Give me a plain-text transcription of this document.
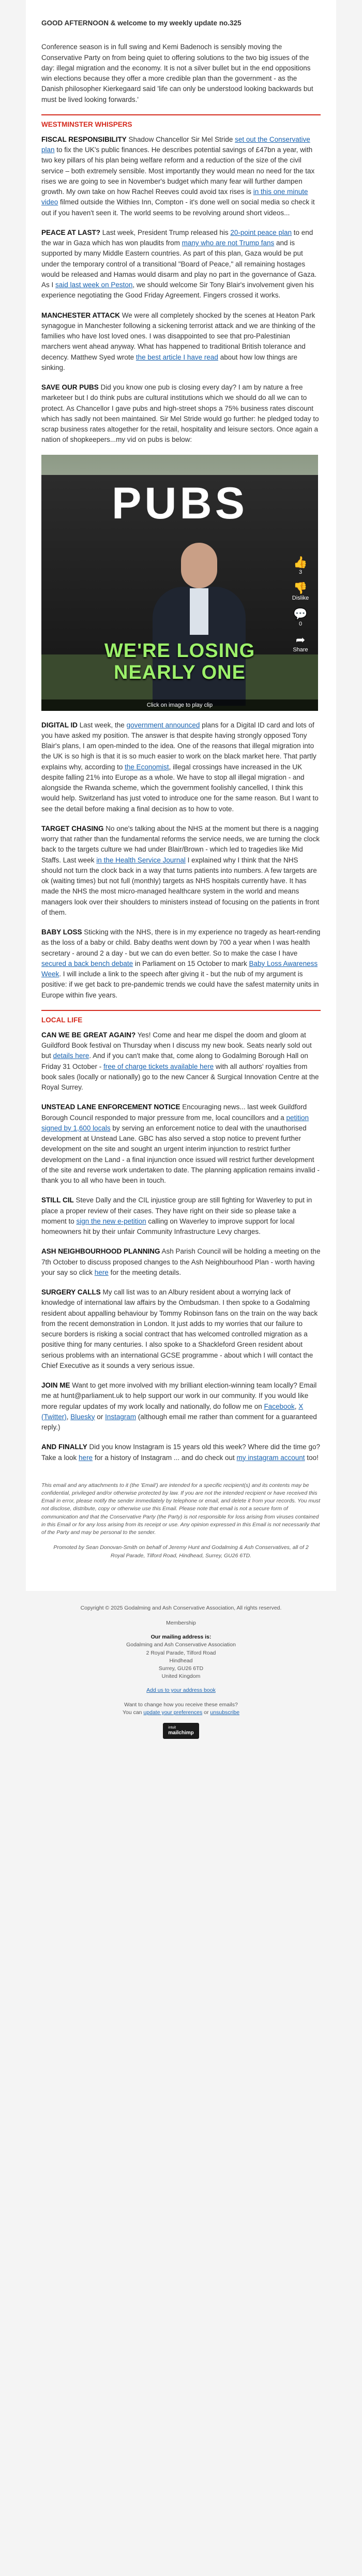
GOOD AFTERNOON & welcome to my weekly update no.325

Conference season is in full swing and Kemi Badenoch is sensibly moving the Conservative Party on from being quiet to offering solutions to the two big issues of the day: illegal migration and the economy. It is not a silver bullet but in the end oppositions win elections because they offer a more credible plan than the government - as the Danish philosopher Kierkegaard said 'life can only be understood looking backwards but must be lived looking forwards.'

WESTMINSTER WHISPERS

FISCAL RESPONSIBILITY Shadow Chancellor Sir Mel Stride set out the Conservative plan to fix the UK's public finances. He describes potential savings of £47bn a year, with two key pillars of his plan being welfare reform and a reduction of the size of the civil service – both extremely sensible. Most importantly they would mean no need for the tax rises we are going to see in November's budget which many fear will further dampen growth. My own take on how Rachel Reeves could avoid tax rises is in this one minute video filmed outside the Withies Inn, Compton - it's done well on social media so check it out if you haven't seen it. The world seems to be revolving around short videos...

PEACE AT LAST? Last week, President Trump released his 20-point peace plan to end the war in Gaza which has won plaudits from many who are not Trump fans and is supported by many Middle Eastern countries. As part of this plan, Gaza would be put under the temporary control of a transitional "Board of Peace," all remaining hostages would be released and Hamas would disarm and play no part in the governance of Gaza. As I said last week on Peston, we should welcome Sir Tony Blair's involvement given his experience negotiating the Good Friday Agreement. Fingers crossed it works.

MANCHESTER ATTACK We were all completely shocked by the scenes at Heaton Park synagogue in Manchester following a sickening terrorist attack and we are thinking of the families who have lost loved ones. I was disappointed to see that pro-Palestinian marchers went ahead anyway. What has happened to traditional British tolerance and decency. Matthew Syed wrote the best article I have read about how low things are sinking.

SAVE OUR PUBS Did you know one pub is closing every day? I am by nature a free marketeer but I do think pubs are cultural institutions which we should do all we can to protect. As Chancellor I gave pubs and high-street shops a 75% business rates discount which has sadly not been maintained. Sir Mel Stride would go further: he pledged today to scrap business rates altogether for the retail, hospitality and leisure sectors. Once again a nation of shopkeepers...my vid on pubs is below:

PUBS
👍
3
👎
Dislike
💬
0
➦
Share
WE'RE LOSING
NEARLY ONE
Click on image to play clip

DIGITAL ID Last week, the government announced plans for a Digital ID card and lots of you have asked my position. The answer is that despite having strongly opposed Tony Blair's plans, I am open-minded to the idea. One of the reasons that illegal migration into the UK is so high is that it is so much easier to work on the black market here. That partly explains why, according to the Economist, illegal crossings have increased in the UK despite falling 21% into Europe as a whole. We have to stop all illegal migration - and alongside the Rwanda scheme, which the government foolishly cancelled, I think this would help. Switzerland has just voted to introduce one for the same reason. But I want to see the detail before making a final decision as to how to vote.

TARGET CHASING No one's talking about the NHS at the moment but there is a nagging worry that rather than the fundamental reforms the service needs, we are turning the clock back to the targets culture we had under Blair/Brown - which led to tragedies like Mid Staffs. Last week in the Health Service Journal I explained why I think that the NHS should not turn the clock back in a way that turns patients into numbers. A few targets are ok (waiting times) but not full (monthly) targets as NHS hospitals currently have. It has made the NHS the most micro-managed healthcare system in the world and means managers look over their shoulders to ministers instead of focusing on the patients in front of them.

BABY LOSS Sticking with the NHS, there is in my experience no tragedy as heart-rending as the loss of a baby or child. Baby deaths went down by 700 a year when I was health secretary - around 2 a day - but we can do even better. So to make the case I have secured a back bench debate in Parliament on 15 October to mark Baby Loss Awareness Week. I will include a link to the speech after giving it - but the nub of my argument is positive: if we get back to pre-pandemic trends we could have the safest maternity units in Europe within five years.

LOCAL LIFE

CAN WE BE GREAT AGAIN? Yes! Come and hear me dispel the doom and gloom at Guildford Book festival on Thursday when I discuss my new book. Seats nearly sold out but details here. And if you can't make that, come along to Godalming Borough Hall on Friday 31 October - free of charge tickets available here with all authors' royalties from book sales (locally or nationally) go to the new Cancer & Surgical Innovation Centre at the Royal Surrey.

UNSTEAD LANE ENFORCEMENT NOTICE Encouraging news... last week Guildford Borough Council responded to major pressure from me, local councillors and a petition signed by 1,600 locals by serving an enforcement notice to deal with the unauthorised development at Unstead Lane. GBC has also served a stop notice to prevent further development on the site and sought an urgent interim injunction to restrict further development on the Land - a final injunction once issued will restrict further development of the site and reverse work undertaken to date. The planning application remains invalid - thank you to all who have been in touch.

STILL CIL Steve Dally and the CIL injustice group are still fighting for Waverley to put in place a proper review of their cases. They have right on their side so please take a moment to sign the new e-petition calling on Waverley to improve support for local homeowners hit by their unfair Community Infrastructure Levy charges.

ASH NEIGHBOURHOOD PLANNING Ash Parish Council will be holding a meeting on the 7th October to discuss proposed changes to the Ash Neighbourhood Plan - worth having your say so click here for the meeting details.

SURGERY CALLS My call list was to an Albury resident about a worrying lack of knowledge of international law affairs by the Ombudsman. I then spoke to a Godalming resident about appalling behaviour by Tommy Robinson fans on the train on the way back from the recent demonstration in London. It just adds to my worries that our failure to secure borders is risking a social contract that has welcomed controlled migration as a positive thing for many centuries. I also spoke to a Shackleford Green resident about serious problems with an international GCSE programme - about which I will contact the Chief Executive as it sounds a very serious issue.

JOIN ME Want to get more involved with my brilliant election-winning team locally? Email me at hunt@parliament.uk to help support our work in our community. If you would like more regular updates of my work locally and nationally, do follow me on Facebook, X (Twitter), Bluesky or Instagram (although email me rather than comment for a guaranteed reply.)

AND FINALLY Did you know Instagram is 15 years old this week? Where did the time go? Take a look here for a history of Instagram ... and do check out my instagram account too!

This email and any attachments to it (the 'Email') are intended for a specific recipient(s) and its contents may be confidential, privileged and/or otherwise protected by law. If you are not the intended recipient or have received this Email in error, please notify the sender immediately by telephone or email, and delete it from your records. You must not disclose, distribute, copy or otherwise use this Email. Please note that email is not a secure form of communication and that the Conservative Party (the Party) is not responsible for loss arising from viruses contained in this Email or for any loss arising from its receipt or use. Any opinion expressed in this Email is not necessarily that of the Party and may be personal to the sender.

Promoted by Sean Donovan-Smith on behalf of Jeremy Hunt and Godalming & Ash Conservatives, all of 2 Royal Parade, Tilford Road, Hindhead, Surrey, GU26 6TD.

Copyright © 2025 Godalming and Ash Conservative Association, All rights reserved.

Membership

Our mailing address is:
Godalming and Ash Conservative Association
2 Royal Parade, Tilford Road
Hindhead
Surrey, GU26 6TD
United Kingdom

Add us to your address book

Want to change how you receive these emails?
You can update your preferences or unsubscribe

intuit
mailchimp
